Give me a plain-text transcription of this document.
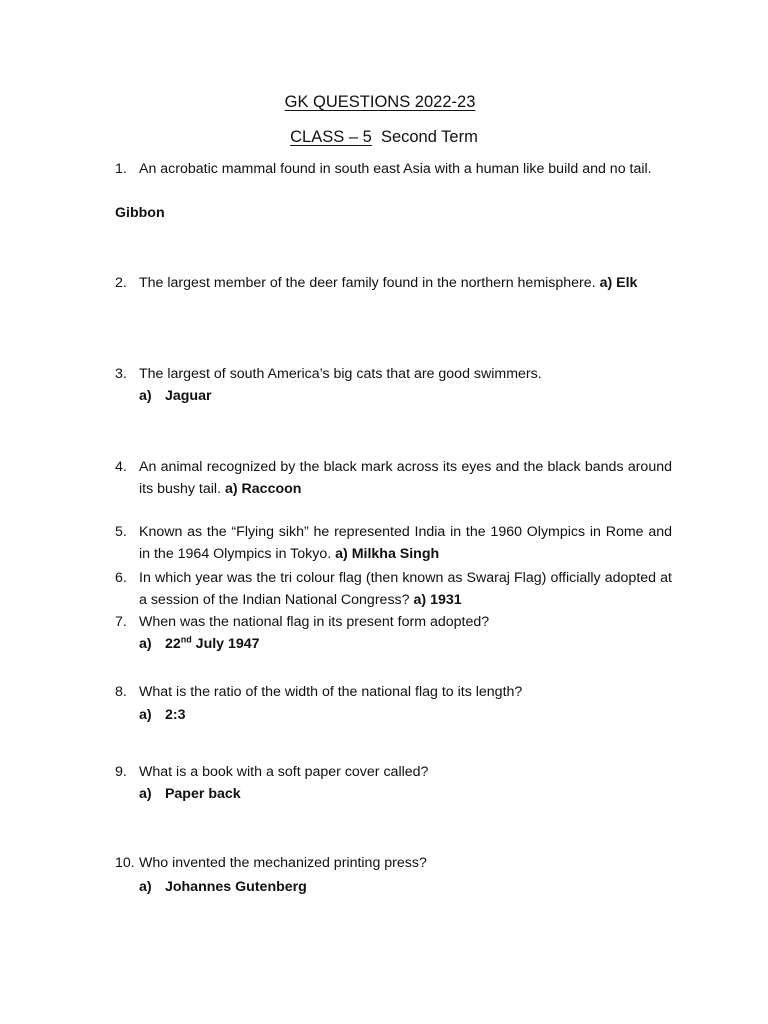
GK QUESTIONS 2022-23
CLASS – 5 Second Term
1. An acrobatic mammal found in south east Asia with a human like build and no tail.
Gibbon
2. The largest member of the deer family found in the northern hemisphere. a) Elk
3. The largest of south America’s big cats that are good swimmers.
a) Jaguar
4. An animal recognized by the black mark across its eyes and the black bands around its bushy tail. a) Raccoon
5. Known as the “Flying sikh” he represented India in the 1960 Olympics in Rome and in the 1964 Olympics in Tokyo. a) Milkha Singh
6. In which year was the tri colour flag (then known as Swaraj Flag) officially adopted at a session of the Indian National Congress? a) 1931
7. When was the national flag in its present form adopted?
a) 22nd July 1947
8. What is the ratio of the width of the national flag to its length?
a) 2:3
9. What is a book with a soft paper cover called?
a) Paper back
10. Who invented the mechanized printing press?
a) Johannes Gutenberg
